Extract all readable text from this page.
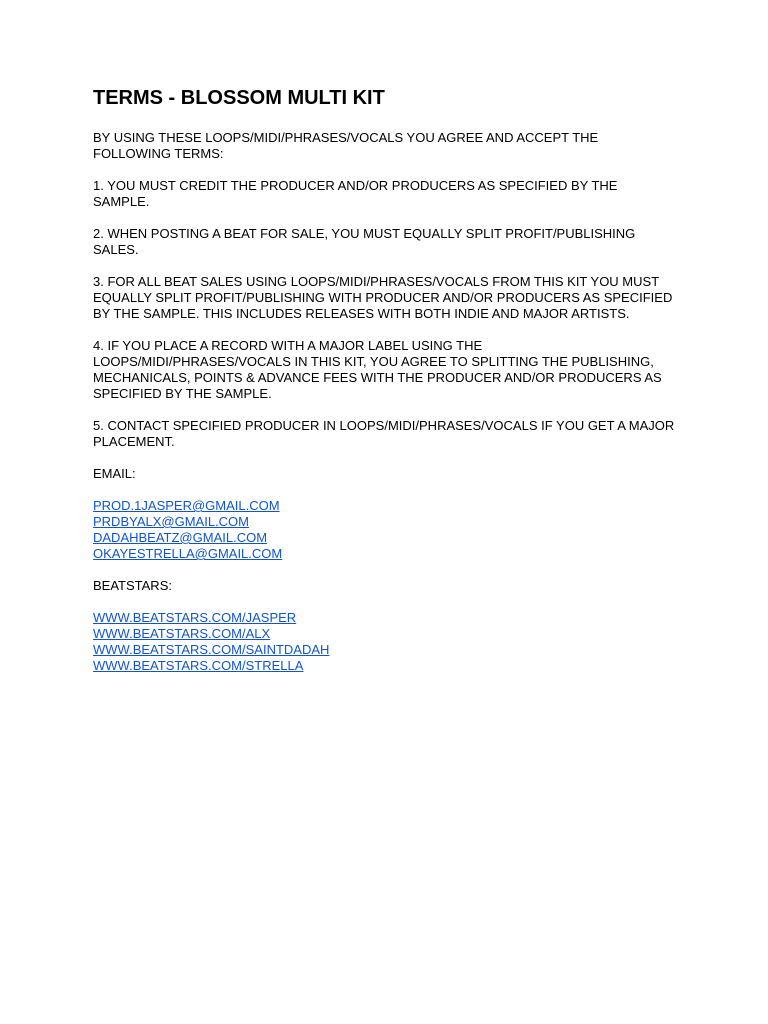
TERMS - BLOSSOM MULTI KIT

BY USING THESE LOOPS/MIDI/PHRASES/VOCALS YOU AGREE AND ACCEPT THE
FOLLOWING TERMS:

1. YOU MUST CREDIT THE PRODUCER AND/OR PRODUCERS AS SPECIFIED BY THE
SAMPLE.

2. WHEN POSTING A BEAT FOR SALE, YOU MUST EQUALLY SPLIT PROFIT/PUBLISHING
SALES.

3. FOR ALL BEAT SALES USING LOOPS/MIDI/PHRASES/VOCALS FROM THIS KIT YOU MUST
EQUALLY SPLIT PROFIT/PUBLISHING WITH PRODUCER AND/OR PRODUCERS AS SPECIFIED
BY THE SAMPLE. THIS INCLUDES RELEASES WITH BOTH INDIE AND MAJOR ARTISTS.

4. IF YOU PLACE A RECORD WITH A MAJOR LABEL USING THE
LOOPS/MIDI/PHRASES/VOCALS IN THIS KIT, YOU AGREE TO SPLITTING THE PUBLISHING,
MECHANICALS, POINTS & ADVANCE FEES WITH THE PRODUCER AND/OR PRODUCERS AS
SPECIFIED BY THE SAMPLE.

5. CONTACT SPECIFIED PRODUCER IN LOOPS/MIDI/PHRASES/VOCALS IF YOU GET A MAJOR
PLACEMENT.

EMAIL:

PROD.1JASPER@GMAIL.COM
PRDBYALX@GMAIL.COM
DADAHBEATZ@GMAIL.COM
OKAYESTRELLA@GMAIL.COM

BEATSTARS:

WWW.BEATSTARS.COM/JASPER
WWW.BEATSTARS.COM/ALX
WWW.BEATSTARS.COM/SAINTDADAH
WWW.BEATSTARS.COM/STRELLA
